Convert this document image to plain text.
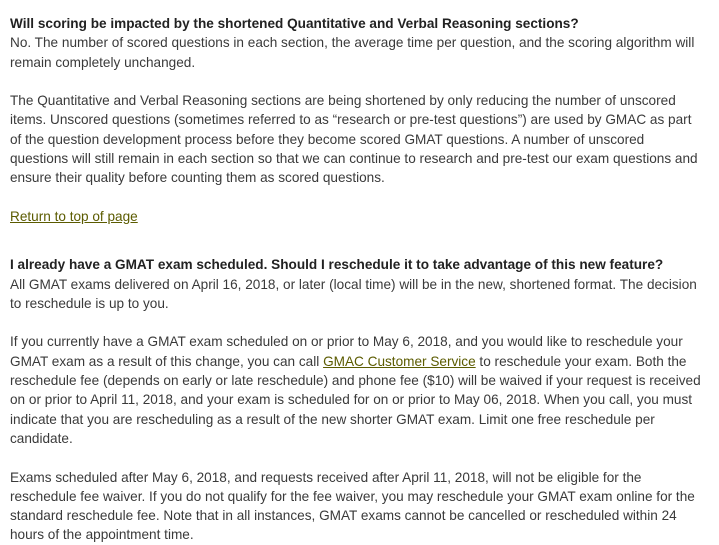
Will scoring be impacted by the shortened Quantitative and Verbal Reasoning sections?

No. The number of scored questions in each section, the average time per question, and the scoring algorithm will remain completely unchanged.

The Quantitative and Verbal Reasoning sections are being shortened by only reducing the number of unscored items. Unscored questions (sometimes referred to as “research or pre-test questions”) are used by GMAC as part of the question development process before they become scored GMAT questions. A number of unscored questions will still remain in each section so that we can continue to research and pre-test our exam questions and ensure their quality before counting them as scored questions.

Return to top of page
I already have a GMAT exam scheduled. Should I reschedule it to take advantage of this new feature?

All GMAT exams delivered on April 16, 2018, or later (local time) will be in the new, shortened format. The decision to reschedule is up to you.

If you currently have a GMAT exam scheduled on or prior to May 6, 2018, and you would like to reschedule your GMAT exam as a result of this change, you can call GMAC Customer Service to reschedule your exam. Both the reschedule fee (depends on early or late reschedule) and phone fee ($10) will be waived if your request is received on or prior to April 11, 2018, and your exam is scheduled for on or prior to May 06, 2018. When you call, you must indicate that you are rescheduling as a result of the new shorter GMAT exam. Limit one free reschedule per candidate.

Exams scheduled after May 6, 2018, and requests received after April 11, 2018, will not be eligible for the reschedule fee waiver. If you do not qualify for the fee waiver, you may reschedule your GMAT exam online for the standard reschedule fee. Note that in all instances, GMAT exams cannot be cancelled or rescheduled within 24 hours of the appointment time.
